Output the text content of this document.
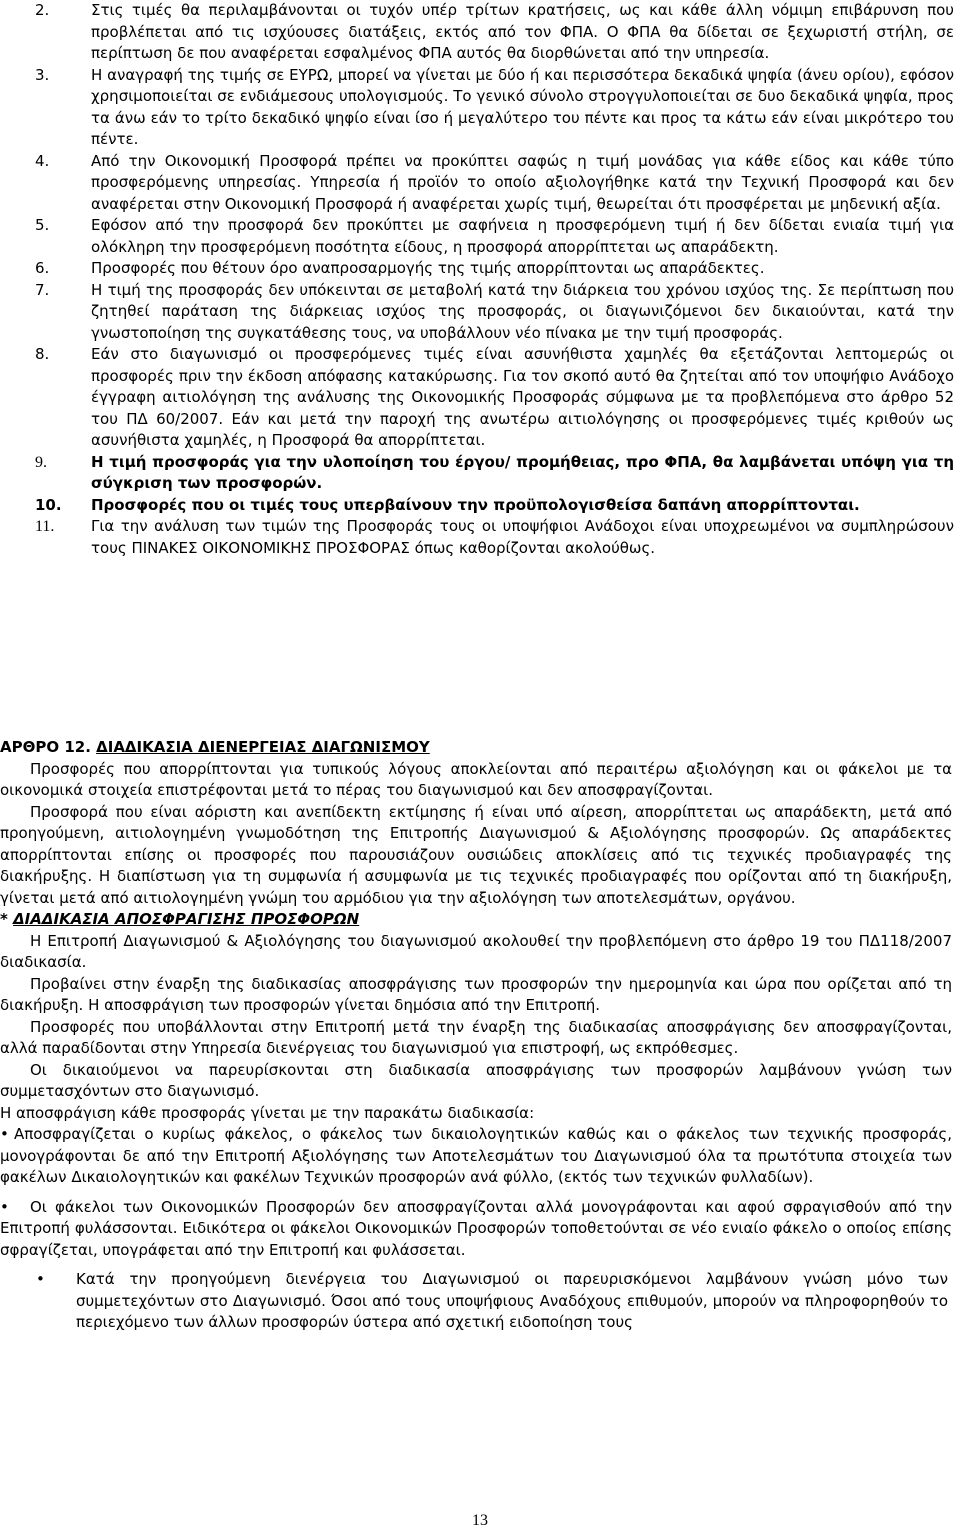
2.	Στις τιμές θα περιλαμβάνονται οι τυχόν υπέρ τρίτων κρατήσεις, ως και κάθε άλλη νόμιμη επιβάρυνση που προβλέπεται από τις ισχύουσες διατάξεις, εκτός από τον ΦΠΑ. Ο ΦΠΑ θα δίδεται σε ξεχωριστή στήλη, σε περίπτωση δε που αναφέρεται εσφαλμένος ΦΠΑ αυτός θα διορθώνεται από την υπηρεσία.
3.	Η αναγραφή της τιμής σε ΕΥΡΩ, μπορεί να γίνεται με δύο ή και περισσότερα δεκαδικά ψηφία (άνευ ορίου), εφόσον χρησιμοποιείται σε ενδιάμεσους υπολογισμούς. Το γενικό σύνολο στρογγυλοποιείται σε δυο δεκαδικά ψηφία, προς τα άνω εάν το τρίτο δεκαδικό ψηφίο είναι ίσο ή μεγαλύτερο του πέντε και προς τα κάτω εάν είναι μικρότερο του πέντε.
4.	Από την Οικονομική Προσφορά πρέπει να προκύπτει σαφώς η τιμή μονάδας για κάθε είδος και κάθε τύπο προσφερόμενης υπηρεσίας. Υπηρεσία ή προϊόν το οποίο αξιολογήθηκε κατά την Τεχνική Προσφορά και δεν αναφέρεται στην Οικονομική Προσφορά ή αναφέρεται χωρίς τιμή, θεωρείται ότι προσφέρεται με μηδενική αξία.
5.	Εφόσον από την προσφορά δεν προκύπτει με σαφήνεια η προσφερόμενη τιμή ή δεν δίδεται ενιαία τιμή για ολόκληρη την προσφερόμενη ποσότητα είδους, η προσφορά απορρίπτεται ως απαράδεκτη.
6.	Προσφορές που θέτουν όρο αναπροσαρμογής της τιμής απορρίπτονται ως απαράδεκτες.
7.	Η τιμή της προσφοράς δεν υπόκεινται σε μεταβολή κατά την διάρκεια του χρόνου ισχύος της. Σε περίπτωση που ζητηθεί παράταση της διάρκειας ισχύος της προσφοράς, οι διαγωνιζόμενοι δεν δικαιούνται, κατά την γνωστοποίηση της συγκατάθεσης τους, να υποβάλλουν νέο πίνακα με την τιμή προσφοράς.
8.	Εάν στο διαγωνισμό οι προσφερόμενες τιμές είναι ασυνήθιστα χαμηλές θα εξετάζονται λεπτομερώς οι προσφορές πριν την έκδοση απόφασης κατακύρωσης. Για τον σκοπό αυτό θα ζητείται από τον υποψήφιο Ανάδοχο έγγραφη αιτιολόγηση της ανάλυσης της Οικονομικής Προσφοράς σύμφωνα με τα προβλεπόμενα στο άρθρο 52 του ΠΔ 60/2007. Εάν και μετά την παροχή της ανωτέρω αιτιολόγησης οι προσφερόμενες τιμές κριθούν ως ασυνήθιστα χαμηλές, η Προσφορά θα απορρίπτεται.
9.	Η τιμή προσφοράς για την υλοποίηση του έργου/ προμήθειας, προ ΦΠΑ, θα λαμβάνεται υπόψη για τη σύγκριση των προσφορών.
10. Προσφορές που οι τιμές τους υπερβαίνουν την προϋπολογισθείσα δαπάνη απορρίπτονται.
11. Για την ανάλυση των τιμών της Προσφοράς τους οι υποψήφιοι Ανάδοχοι είναι υποχρεωμένοι να συμπληρώσουν τους ΠΙΝΑΚΕΣ ΟΙΚΟΝΟΜΙΚΗΣ ΠΡΟΣΦΟΡΑΣ όπως καθορίζονται ακολούθως.
ΑΡΘΡΟ 12. ΔΙΑΔΙΚΑΣΙΑ ΔΙΕΝΕΡΓΕΙΑΣ ΔΙΑΓΩΝΙΣΜΟΥ
Προσφορές που απορρίπτονται για τυπικούς λόγους αποκλείονται από περαιτέρω αξιολόγηση και οι φάκελοι με τα οικονομικά στοιχεία επιστρέφονται μετά το πέρας του διαγωνισμού και δεν αποσφραγίζονται.
Προσφορά που είναι αόριστη και ανεπίδεκτη εκτίμησης ή είναι υπό αίρεση, απορρίπτεται ως απαράδεκτη, μετά από προηγούμενη, αιτιολογημένη γνωμοδότηση της Επιτροπής Διαγωνισμού & Αξιολόγησης προσφορών. Ως απαράδεκτες απορρίπτονται επίσης οι προσφορές που παρουσιάζουν ουσιώδεις αποκλίσεις από τις τεχνικές προδιαγραφές της διακήρυξης. Η διαπίστωση για τη συμφωνία ή ασυμφωνία με τις τεχνικές προδιαγραφές που ορίζονται από τη διακήρυξη, γίνεται μετά από αιτιολογημένη γνώμη του αρμόδιου για την αξιολόγηση των αποτελεσμάτων, οργάνου.
* ΔΙΑΔΙΚΑΣΙΑ ΑΠΟΣΦΡΑΓΙΣΗΣ ΠΡΟΣΦΟΡΩΝ
Η Επιτροπή Διαγωνισμού & Αξιολόγησης του διαγωνισμού ακολουθεί την προβλεπόμενη στο άρθρο 19 του ΠΔ118/2007 διαδικασία.
Προβαίνει στην έναρξη της διαδικασίας αποσφράγισης των προσφορών την ημερομηνία και ώρα που ορίζεται από τη διακήρυξη. Η αποσφράγιση των προσφορών γίνεται δημόσια από την Επιτροπή.
Προσφορές που υποβάλλονται στην Επιτροπή μετά την έναρξη της διαδικασίας αποσφράγισης δεν αποσφραγίζονται, αλλά παραδίδονται στην Υπηρεσία διενέργειας του διαγωνισμού για επιστροφή, ως εκπρόθεσμες.
Οι δικαιούμενοι να παρευρίσκονται στη διαδικασία αποσφράγισης των προσφορών λαμβάνουν γνώση των συμμετασχόντων στο διαγωνισμό.
Η αποσφράγιση κάθε προσφοράς γίνεται με την παρακάτω διαδικασία:
• Αποσφραγίζεται ο κυρίως φάκελος, ο φάκελος των δικαιολογητικών καθώς και ο φάκελος των τεχνικής προσφοράς, μονογράφονται δε από την Επιτροπή Αξιολόγησης των Αποτελεσμάτων του Διαγωνισμού όλα τα πρωτότυπα στοιχεία των φακέλων Δικαιολογητικών και φακέλων Τεχνικών προσφορών ανά φύλλο, (εκτός των τεχνικών φυλλαδίων).
• Οι φάκελοι των Οικονομικών Προσφορών δεν αποσφραγίζονται αλλά μονογράφονται και αφού σφραγισθούν από την Επιτροπή φυλάσσονται. Ειδικότερα οι φάκελοι Οικονομικών Προσφορών τοποθετούνται σε νέο ενιαίο φάκελο ο οποίος επίσης σφραγίζεται, υπογράφεται από την Επιτροπή και φυλάσσεται.
• Κατά την προηγούμενη διενέργεια του Διαγωνισμού οι παρευρισκόμενοι λαμβάνουν γνώση μόνο των συμμετεχόντων στο Διαγωνισμό. Όσοι από τους υποψήφιους Αναδόχους επιθυμούν, μπορούν να πληροφορηθούν το περιεχόμενο των άλλων προσφορών ύστερα από σχετική ειδοποίηση τους
13
